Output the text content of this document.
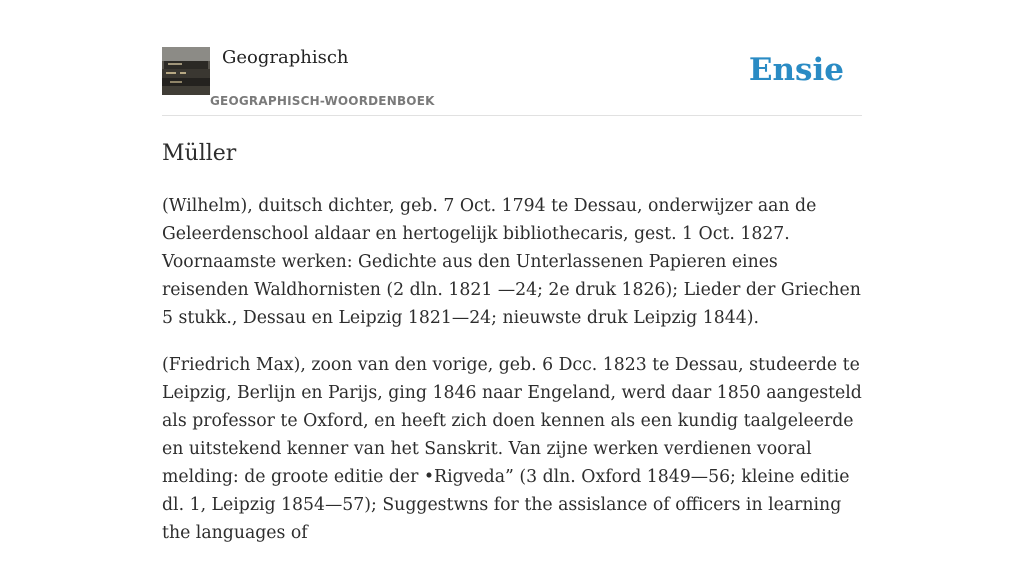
Geographisch
GEOGRAPHISCH-WOORDENBOEK
Ensie
Müller

(Wilhelm), duitsch dichter, geb. 7 Oct. 1794 te Dessau, onderwijzer aan de Geleerdenschool aldaar en hertogelijk bibliothecaris, gest. 1 Oct. 1827. Voornaamste werken: Gedichte aus den Unterlassenen Papieren eines reisenden Waldhornisten (2 dln. 1821 —24; 2e druk 1826); Lieder der Griechen 5 stukk., Dessau en Leipzig 1821—24; nieuwste druk Leipzig 1844).

(Friedrich Max), zoon van den vorige, geb. 6 Dcc. 1823 te Dessau, studeerde te Leipzig, Berlijn en Parijs, ging 1846 naar Engeland, werd daar 1850 aangesteld als professor te Oxford, en heeft zich doen kennen als een kundig taalgeleerde en uitstekend kenner van het Sanskrit. Van zijne werken verdienen vooral melding: de groote editie der •Rigveda” (3 dln. Oxford 1849—56; kleine editie dl. 1, Leipzig 1854—57); Suggestwns for the assislance of officers in learning the languages of
